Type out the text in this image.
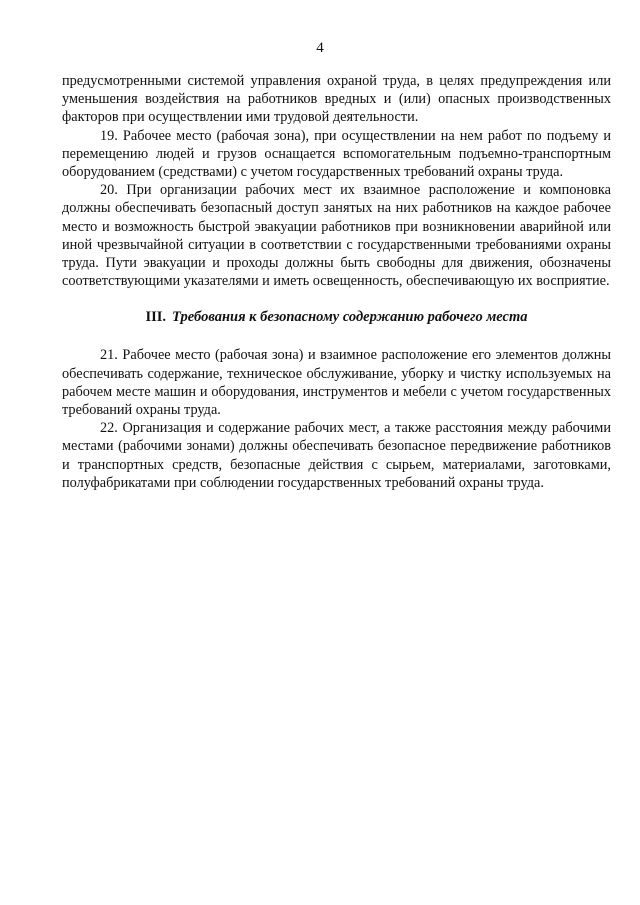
4

предусмотренными системой управления охраной труда, в целях предупреждения или уменьшения воздействия на работников вредных и (или) опасных производственных факторов при осуществлении ими трудовой деятельности.

19. Рабочее место (рабочая зона), при осуществлении на нем работ по подъему и перемещению людей и грузов оснащается вспомогательным подъемно-транспортным оборудованием (средствами) с учетом государственных требований охраны труда.

20. При организации рабочих мест их взаимное расположение и компоновка должны обеспечивать безопасный доступ занятых на них работников на каждое рабочее место и возможность быстрой эвакуации работников при возникновении аварийной или иной чрезвычайной ситуации в соответствии с государственными требованиями охраны труда. Пути эвакуации и проходы должны быть свободны для движения, обозначены соответствующими указателями и иметь освещенность, обеспечивающую их восприятие.

III. Требования к безопасному содержанию рабочего места

21. Рабочее место (рабочая зона) и взаимное расположение его элементов должны обеспечивать содержание, техническое обслуживание, уборку и чистку используемых на рабочем месте машин и оборудования, инструментов и мебели с учетом государственных требований охраны труда.

22. Организация и содержание рабочих мест, а также расстояния между рабочими местами (рабочими зонами) должны обеспечивать безопасное передвижение работников и транспортных средств, безопасные действия с сырьем, материалами, заготовками, полуфабрикатами при соблюдении государственных требований охраны труда.
